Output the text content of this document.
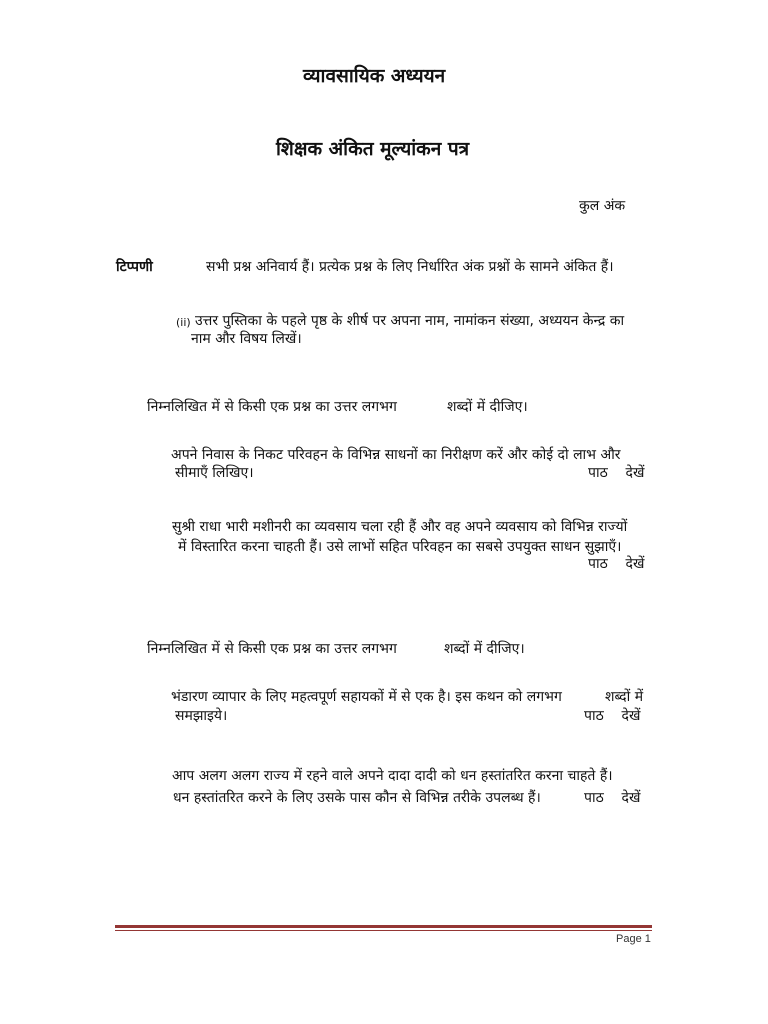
व्यावसायिक अध्ययन
शिक्षक अंकित मूल्यांकन पत्र
कुल अंक
टिप्पणी	सभी प्रश्न अनिवार्य हैं। प्रत्येक प्रश्न के लिए निर्धारित अंक प्रश्नों के सामने अंकित हैं।
(ii) उत्तर पुस्तिका के पहले पृष्ठ के शीर्ष पर अपना नाम, नामांकन संख्या, अध्ययन केन्द्र का
नाम और विषय लिखें।
निम्नलिखित में से किसी एक प्रश्न का उत्तर लगभग	शब्दों में दीजिए।
अपने निवास के निकट परिवहन के विभिन्न साधनों का निरीक्षण करें और कोई दो लाभ और
सीमाएँ लिखिए।	पाठ    देखें
सुश्री राधा भारी मशीनरी का व्यवसाय चला रही हैं और वह अपने व्यवसाय को विभिन्न राज्यों
में विस्तारित करना चाहती हैं। उसे लाभों सहित परिवहन का सबसे उपयुक्त साधन सुझाएँ।
पाठ    देखें
निम्नलिखित में से किसी एक प्रश्न का उत्तर लगभग	शब्दों में दीजिए।
भंडारण व्यापार के लिए महत्वपूर्ण सहायकों में से एक है। इस कथन को लगभग	शब्दों में
समझाइये।	पाठ    देखें
आप अलग अलग राज्य में रहने वाले अपने दादा दादी को धन हस्तांतरित करना चाहते हैं।
धन हस्तांतरित करने के लिए उसके पास कौन से विभिन्न तरीके उपलब्ध हैं।	पाठ    देखें
Page 1
